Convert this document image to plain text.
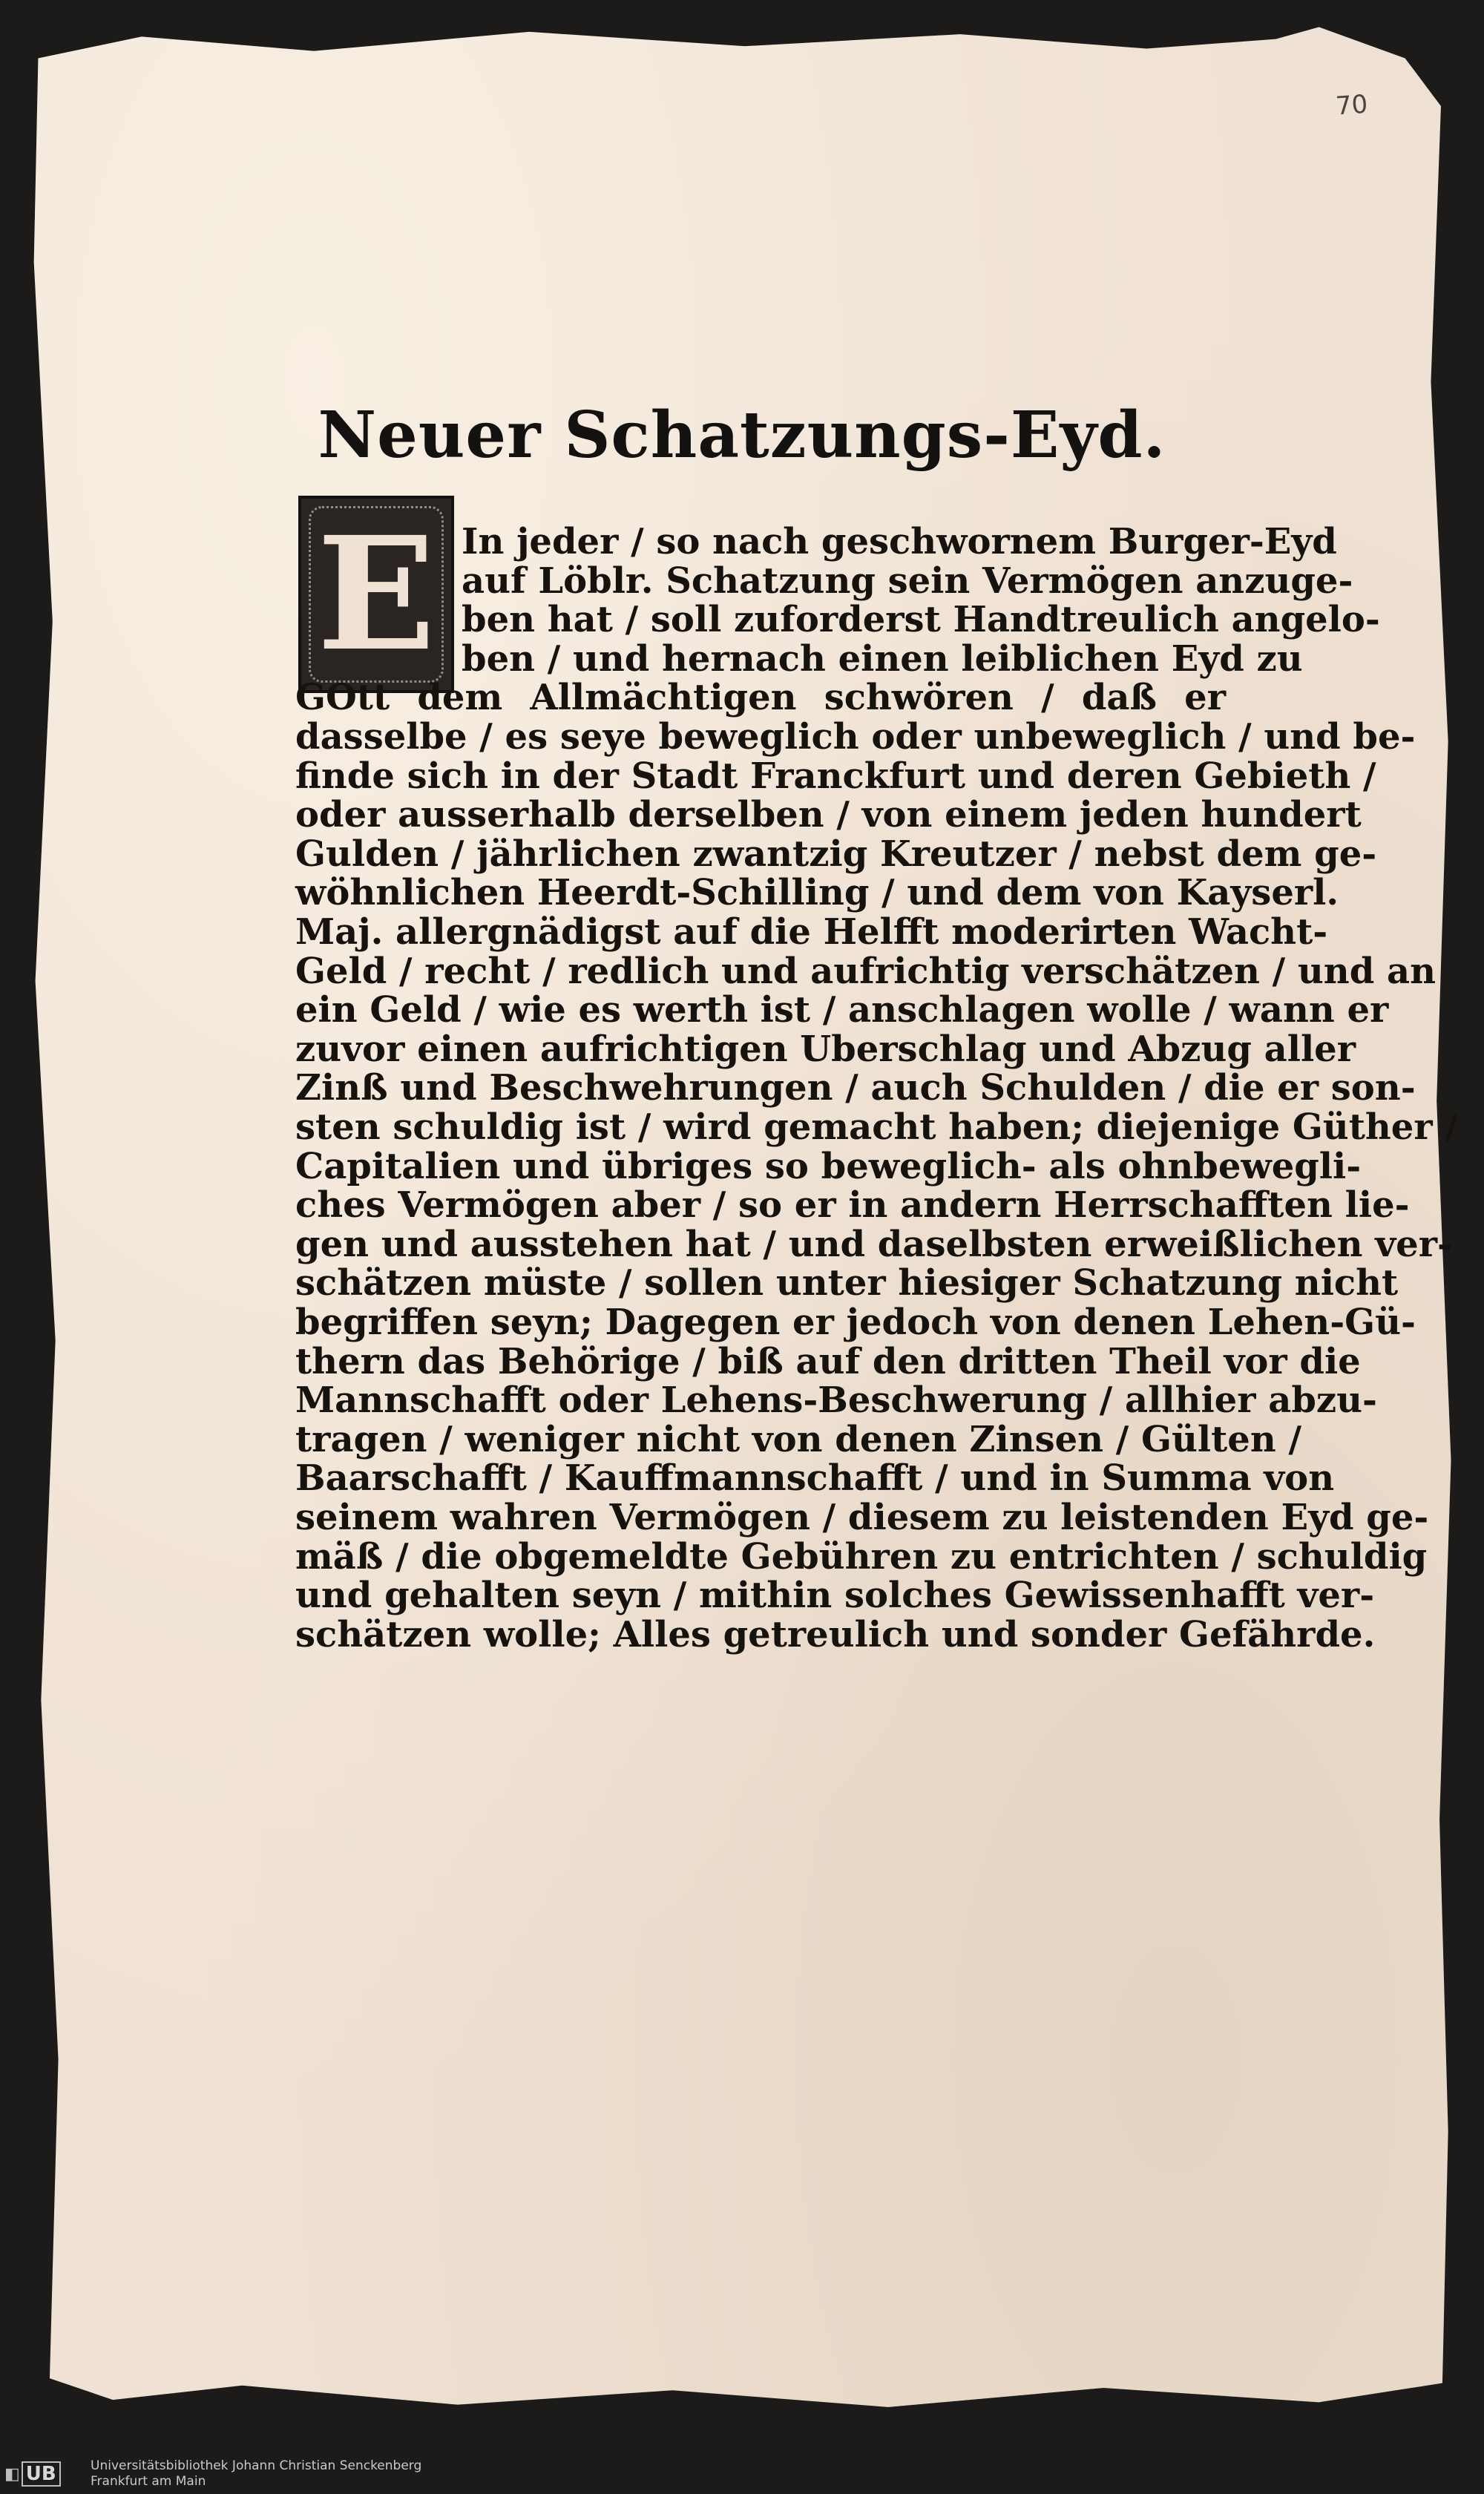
70
Neuer Schatzungs-Eyd.
E In jeder / so nach geschwornem Burger-Eyd

auf Löblr. Schatzung sein Vermögen anzuge-

ben hat / soll zuforderst Handtreulich angelo-

ben / und hernach einen leiblichen Eyd zu

GOtt dem Allmächtigen schwören / daß er

dasselbe / es seye beweglich oder unbeweglich / und be-

finde sich in der Stadt Franckfurt und deren Gebieth /

oder ausserhalb derselben / von einem jeden hundert

Gulden / jährlichen zwantzig Kreutzer / nebst dem ge-

wöhnlichen Heerdt-Schilling / und dem von Kayserl.

Maj. allergnädigst auf die Helfft moderirten Wacht-

Geld / recht / redlich und aufrichtig verschätzen / und an

ein Geld / wie es werth ist / anschlagen wolle / wann er

zuvor einen aufrichtigen Uberschlag und Abzug aller

Zinß und Beschwehrungen / auch Schulden / die er son-

sten schuldig ist / wird gemacht haben; diejenige Güther /

Capitalien und übriges so beweglich- als ohnbewegli-

ches Vermögen aber / so er in andern Herrschafften lie-

gen und ausstehen hat / und daselbsten erweißlichen ver-

schätzen müste / sollen unter hiesiger Schatzung nicht

begriffen seyn; Dagegen er jedoch von denen Lehen-Gü-

thern das Behörige / biß auf den dritten Theil vor die

Mannschafft oder Lehens-Beschwerung / allhier abzu-

tragen / weniger nicht von denen Zinsen / Gülten /

Baarschafft / Kauffmannschafft / und in Summa von

seinem wahren Vermögen / diesem zu leistenden Eyd ge-

mäß / die obgemeldte Gebühren zu entrichten / schuldig

und gehalten seyn / mithin solches Gewissenhafft ver-

schätzen wolle; Alles getreulich und sonder Gefährde.

◧ UB	Universitätsbibliothek Johann Christian Senckenberg
Frankfurt am Main
